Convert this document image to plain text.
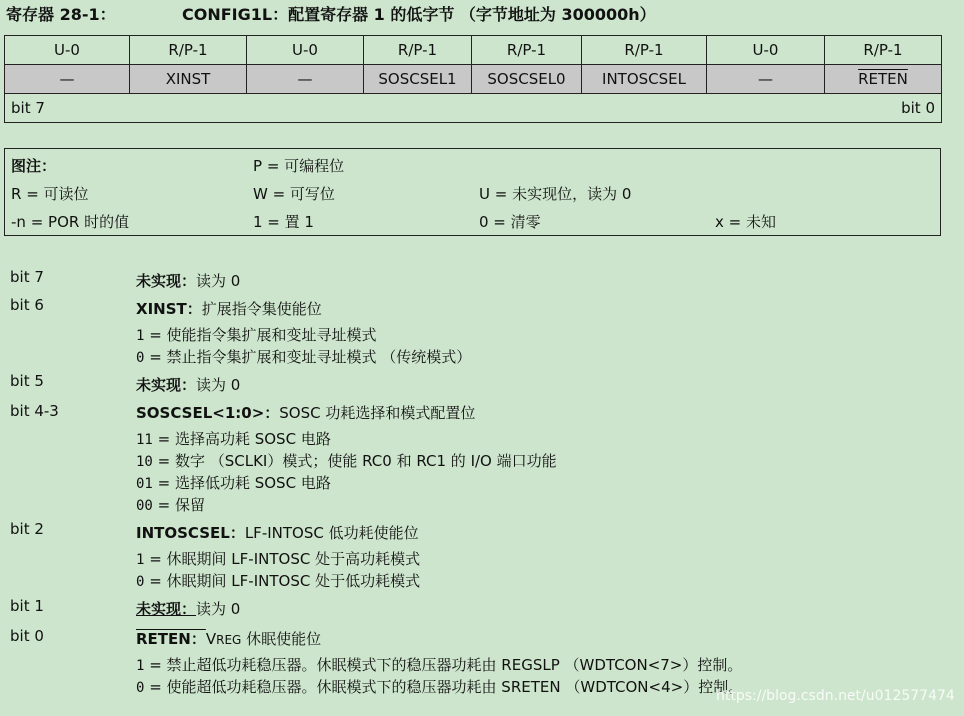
寄存器 28-1：	CONFIG1L：配置寄存器 1 的低字节 （字节地址为 300000h）
U-0	R/P-1	U-0	R/P-1	R/P-1	R/P-1	U-0	R/P-1
—	XINST	—	SOSCSEL1	SOSCSEL0	INTOSCSEL	—	RETEN
bit 7 bit 0							
图注：	P = 可编程位
R = 可读位	W = 可写位	U = 未实现位，读为 0
-n = POR 时的值	1 = 置 1	0 = 清零	x = 未知
bit 7	未实现：读为 0
bit 6	XINST：扩展指令集使能位
1 = 使能指令集扩展和变址寻址模式
0 = 禁止指令集扩展和变址寻址模式 （传统模式）
bit 5	未实现：读为 0
bit 4-3	SOSCSEL<1:0>：SOSC 功耗选择和模式配置位
11 = 选择高功耗 SOSC 电路
10 = 数字 （SCLKI）模式；使能 RC0 和 RC1 的 I/O 端口功能
01 = 选择低功耗 SOSC 电路
00 = 保留
bit 2	INTOSCSEL：LF-INTOSC 低功耗使能位
1 = 休眠期间 LF-INTOSC 处于高功耗模式
0 = 休眠期间 LF-INTOSC 处于低功耗模式
bit 1	未实现：读为 0
bit 0	RETEN：VREG 休眠使能位
1 = 禁止超低功耗稳压器。休眠模式下的稳压器功耗由 REGSLP （WDTCON<7>）控制。
0 = 使能超低功耗稳压器。休眠模式下的稳压器功耗由 SRETEN （WDTCON<4>）控制。
https://blog.csdn.net/u012577474
